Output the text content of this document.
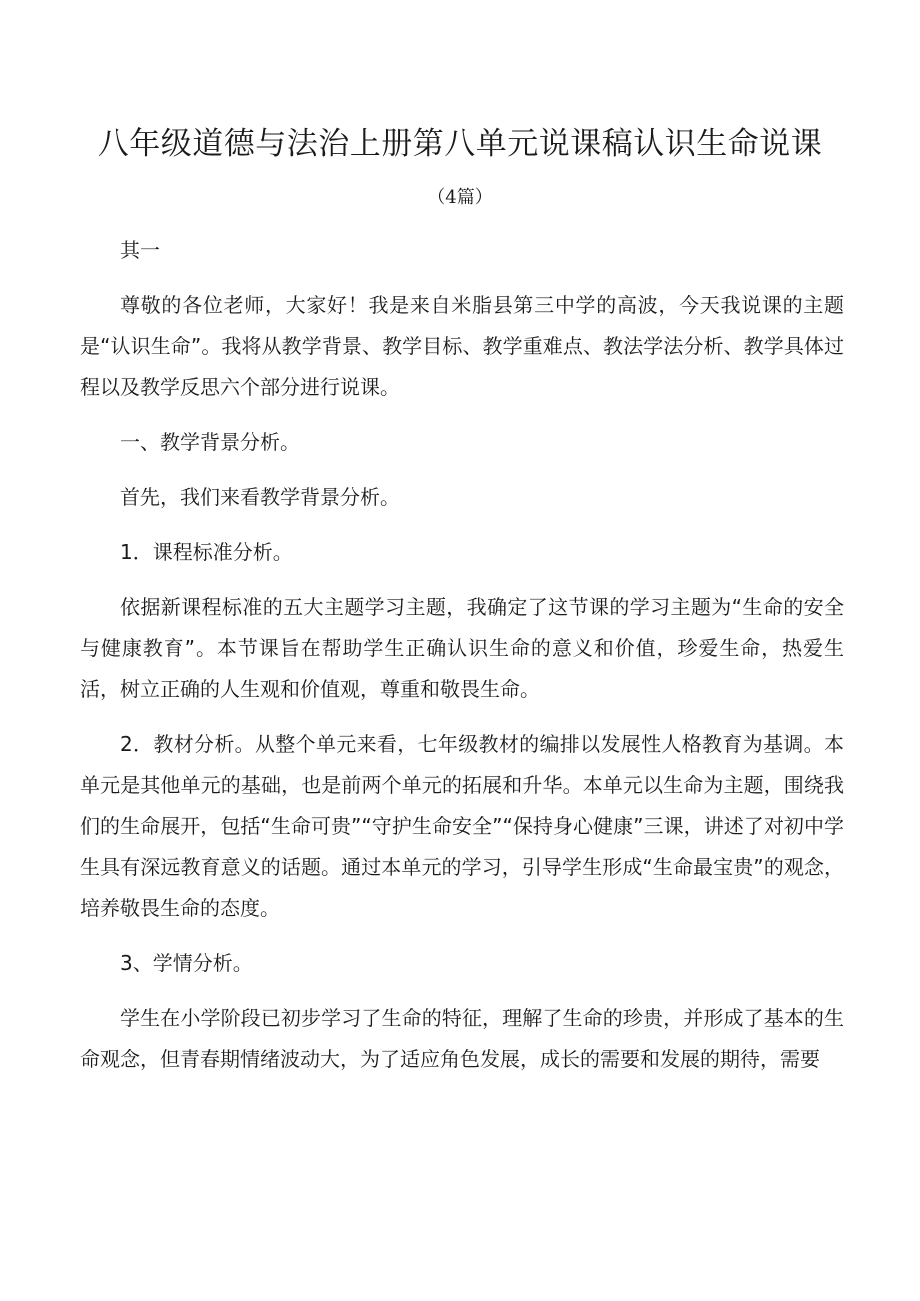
八年级道德与法治上册第八单元说课稿认识生命说课
（4篇）

其一

尊敬的各位老师，大家好！我是来自米脂县第三中学的高波，今天我说课的主题是“认识生命”。我将从教学背景、教学目标、教学重难点、教法学法分析、教学具体过程以及教学反思六个部分进行说课。

一、教学背景分析。

首先，我们来看教学背景分析。

1．课程标准分析。

依据新课程标准的五大主题学习主题，我确定了这节课的学习主题为“生命的安全与健康教育”。本节课旨在帮助学生正确认识生命的意义和价值，珍爱生命，热爱生活，树立正确的人生观和价值观，尊重和敬畏生命。

2．教材分析。从整个单元来看，七年级教材的编排以发展性人格教育为基调。本单元是其他单元的基础，也是前两个单元的拓展和升华。本单元以生命为主题，围绕我们的生命展开，包括“生命可贵”“守护生命安全”“保持身心健康”三课，讲述了对初中学生具有深远教育意义的话题。通过本单元的学习，引导学生形成“生命最宝贵”的观念，培养敬畏生命的态度。

3、学情分析。

学生在小学阶段已初步学习了生命的特征，理解了生命的珍贵，并形成了基本的生命观念，但青春期情绪波动大，为了适应角色发展，成长的需要和发展的期待，需要
